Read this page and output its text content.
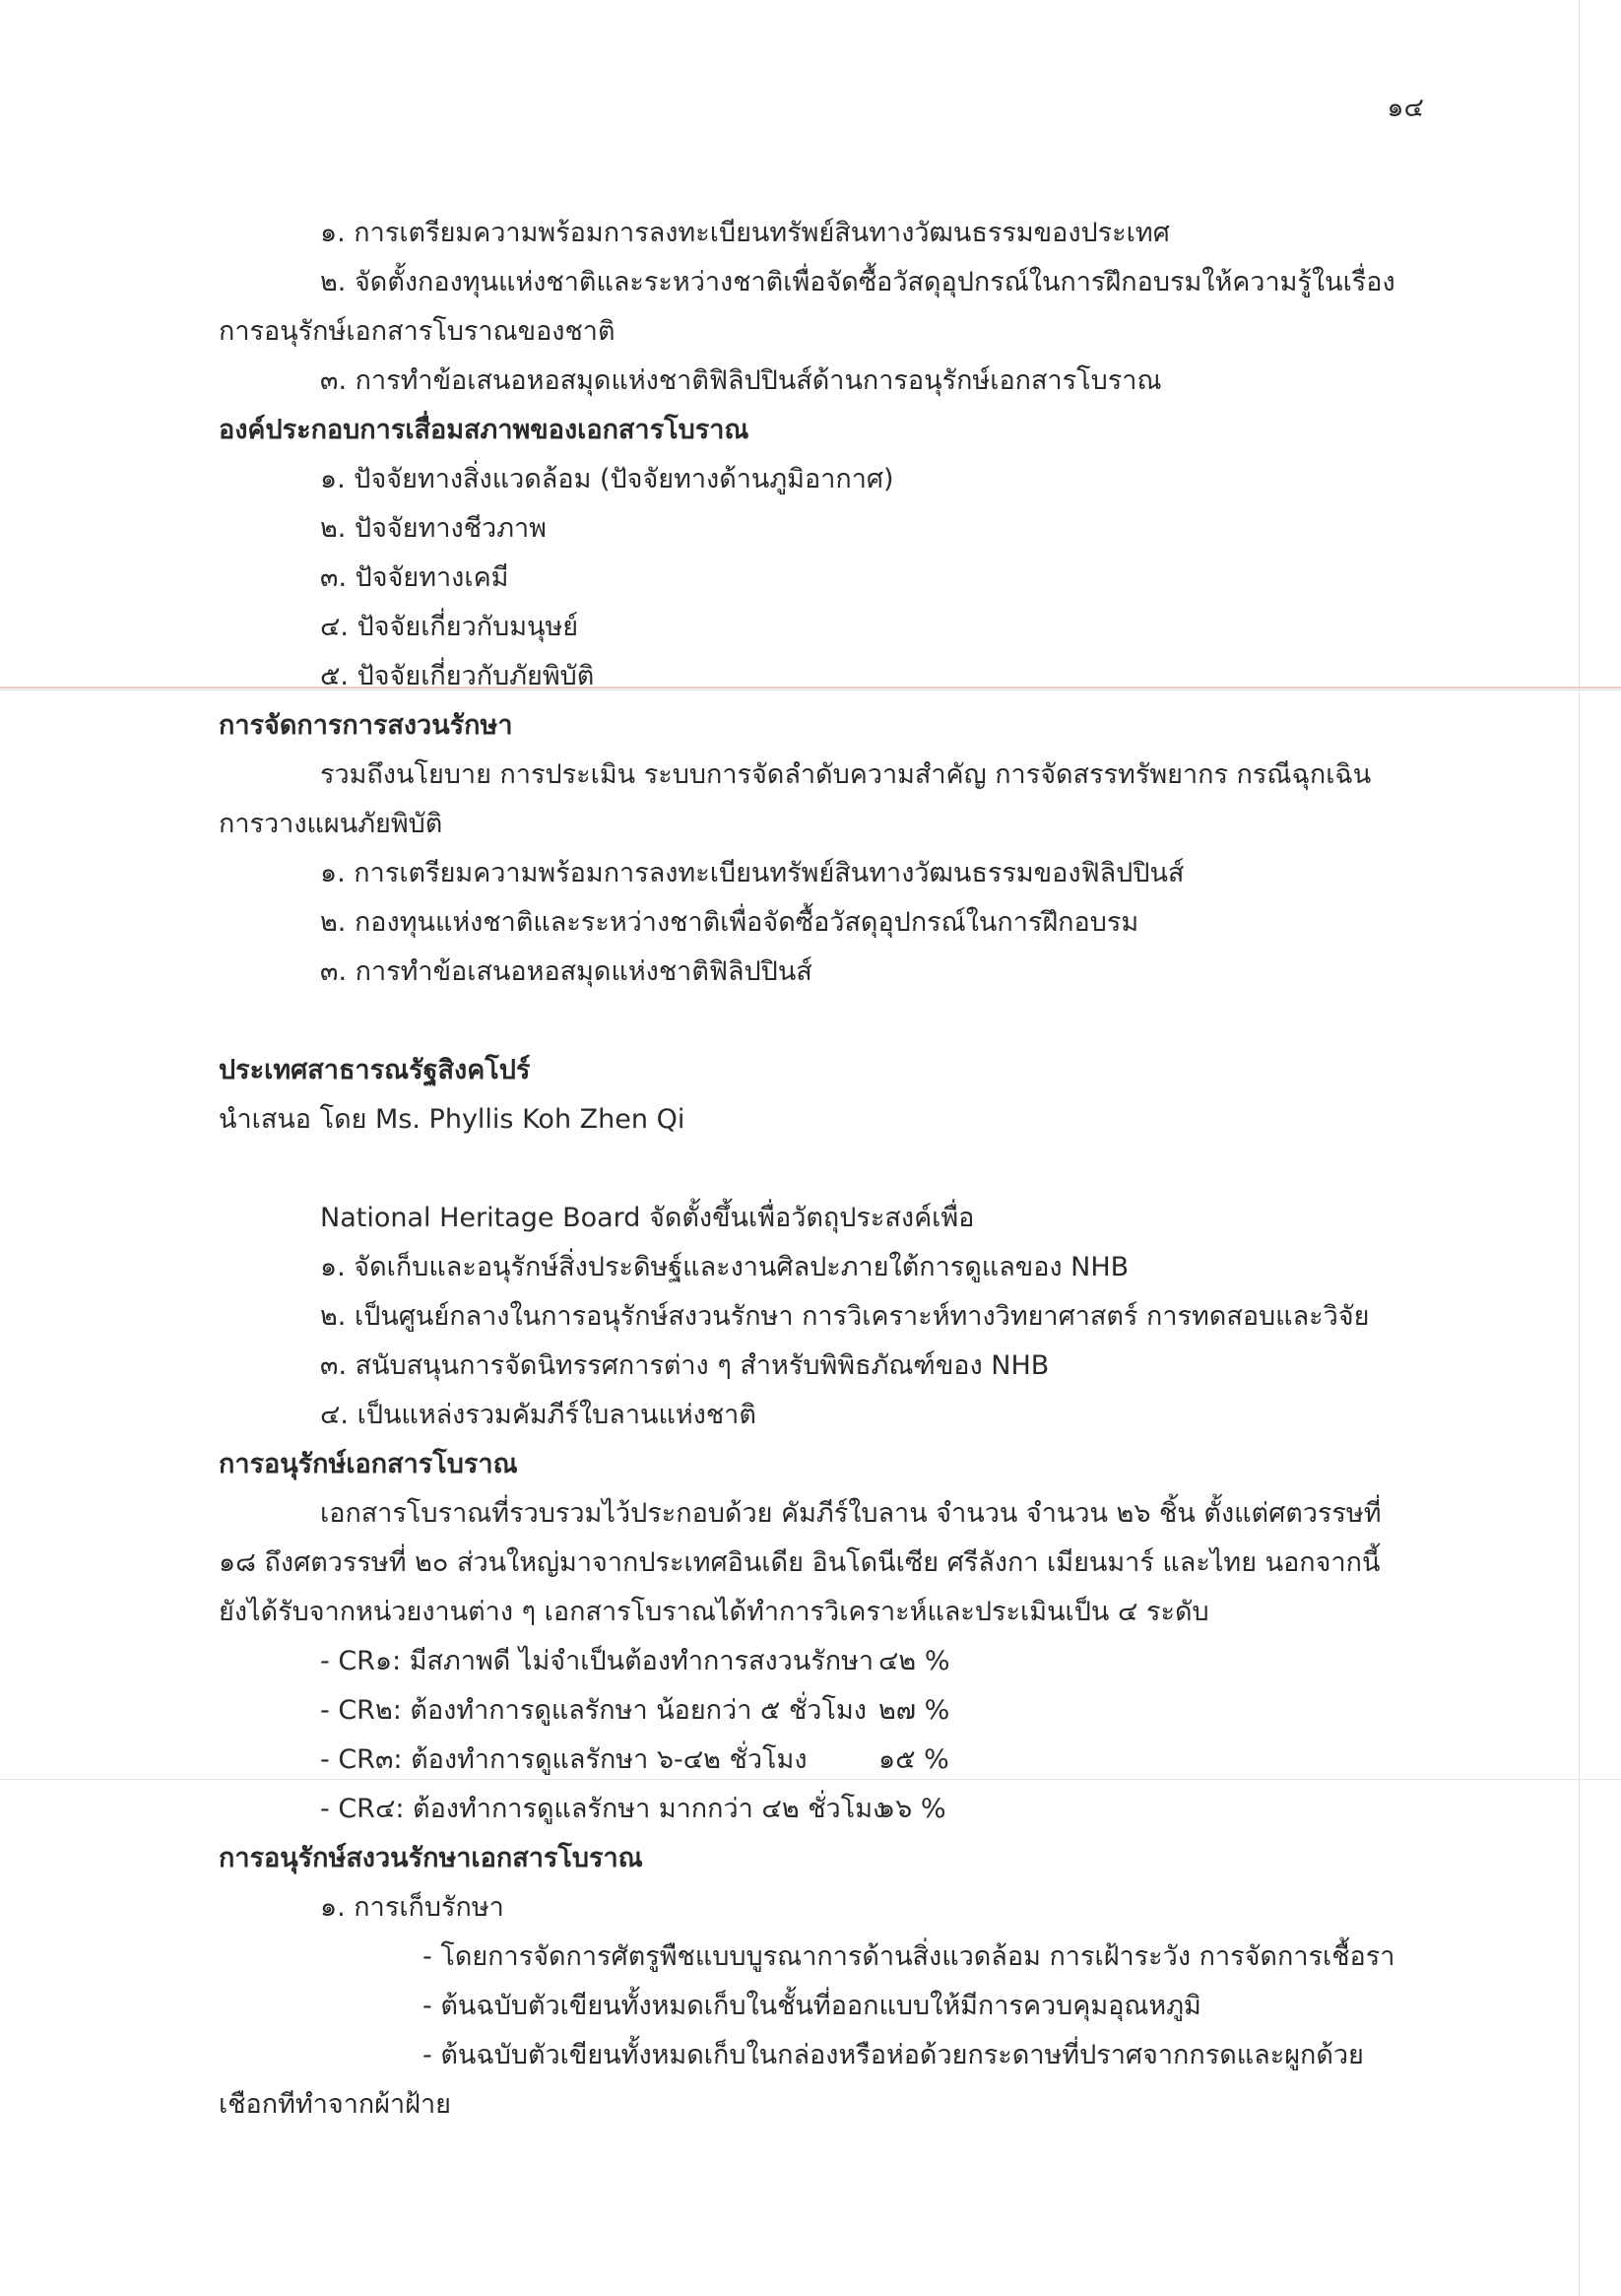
๑๔
๑. การเตรียมความพร้อมการลงทะเบียนทรัพย์สินทางวัฒนธรรมของประเทศ
๒. จัดตั้งกองทุนแห่งชาติและระหว่างชาติเพื่อจัดซื้อวัสดุอุปกรณ์ในการฝึกอบรมให้ความรู้ในเรื่อง
การอนุรักษ์เอกสารโบราณของชาติ
๓. การทำข้อเสนอหอสมุดแห่งชาติฟิลิปปินส์ด้านการอนุรักษ์เอกสารโบราณ
องค์ประกอบการเสื่อมสภาพของเอกสารโบราณ
๑. ปัจจัยทางสิ่งแวดล้อม (ปัจจัยทางด้านภูมิอากาศ)
๒. ปัจจัยทางชีวภาพ
๓. ปัจจัยทางเคมี
๔. ปัจจัยเกี่ยวกับมนุษย์
๕. ปัจจัยเกี่ยวกับภัยพิบัติ
การจัดการการสงวนรักษา
รวมถึงนโยบาย การประเมิน ระบบการจัดลำดับความสำคัญ การจัดสรรทรัพยากร กรณีฉุกเฉิน
การวางแผนภัยพิบัติ
๑. การเตรียมความพร้อมการลงทะเบียนทรัพย์สินทางวัฒนธรรมของฟิลิปปินส์
๒. กองทุนแห่งชาติและระหว่างชาติเพื่อจัดซื้อวัสดุอุปกรณ์ในการฝึกอบรม
๓. การทำข้อเสนอหอสมุดแห่งชาติฟิลิปปินส์
ประเทศสาธารณรัฐสิงคโปร์
นำเสนอ โดย Ms. Phyllis Koh Zhen Qi
National Heritage Board จัดตั้งขึ้นเพื่อวัตถุประสงค์เพื่อ
๑. จัดเก็บและอนุรักษ์สิ่งประดิษฐ์และงานศิลปะภายใต้การดูแลของ NHB
๒. เป็นศูนย์กลางในการอนุรักษ์สงวนรักษา การวิเคราะห์ทางวิทยาศาสตร์ การทดสอบและวิจัย
๓. สนับสนุนการจัดนิทรรศการต่าง ๆ สำหรับพิพิธภัณฑ์ของ NHB
๔. เป็นแหล่งรวมคัมภีร์ใบลานแห่งชาติ
การอนุรักษ์เอกสารโบราณ
เอกสารโบราณที่รวบรวมไว้ประกอบด้วย คัมภีร์ใบลาน จำนวน จำนวน ๒๖ ชิ้น ตั้งแต่ศตวรรษที่
๑๘ ถึงศตวรรษที่ ๒๐ ส่วนใหญ่มาจากประเทศอินเดีย อินโดนีเซีย ศรีลังกา เมียนมาร์ และไทย นอกจากนี้
ยังได้รับจากหน่วยงานต่าง ๆ เอกสารโบราณได้ทำการวิเคราะห์และประเมินเป็น ๔ ระดับ
- CR๑: มีสภาพดี ไม่จำเป็นต้องทำการสงวนรักษา ๔๒ %
- CR๒: ต้องทำการดูแลรักษา น้อยกว่า ๕ ชั่วโมง ๒๗ %
- CR๓: ต้องทำการดูแลรักษา ๖-๔๒ ชั่วโมง	๑๕ %
- CR๔: ต้องทำการดูแลรักษา มากกว่า ๔๒ ชั่วโมง
๑๖ %
การอนุรักษ์สงวนรักษาเอกสารโบราณ
๑. การเก็บรักษา
- โดยการจัดการศัตรูพืชแบบบูรณาการด้านสิ่งแวดล้อม การเฝ้าระวัง การจัดการเชื้อรา
- ต้นฉบับตัวเขียนทั้งหมดเก็บในชั้นที่ออกแบบให้มีการควบคุมอุณหภูมิ
- ต้นฉบับตัวเขียนทั้งหมดเก็บในกล่องหรือห่อด้วยกระดาษที่ปราศจากกรดและผูกด้วย
เชือกทีทำจากผ้าฝ้าย
